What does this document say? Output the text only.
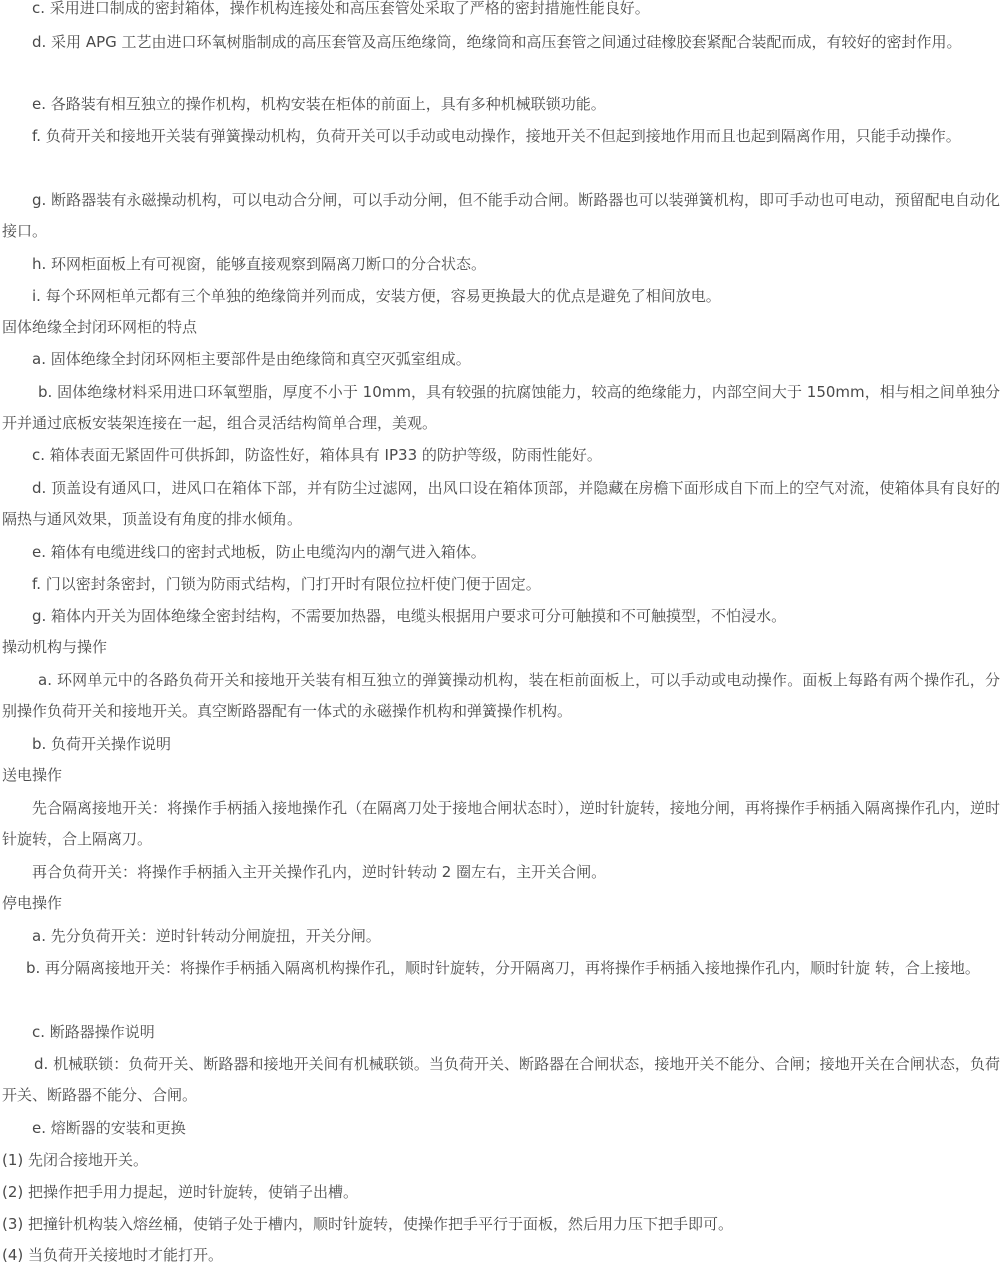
c. 采用进口制成的密封箱体，操作机构连接处和高压套管处采取了严格的密封措施性能良好。

d. 采用 APG 工艺由进口环氧树脂制成的高压套管及高压绝缘筒，绝缘筒和高压套管之间通过硅橡胶套紧配合装配而成，有较好的密封作用。

e. 各路装有相互独立的操作机构，机构安装在柜体的前面上，具有多种机械联锁功能。

f. 负荷开关和接地开关装有弹簧操动机构，负荷开关可以手动或电动操作，接地开关不但起到接地作用而且也起到隔离作用，只能手动操作。

g. 断路器装有永磁操动机构，可以电动合分闸，可以手动分闸，但不能手动合闸。断路器也可以装弹簧机构，即可手动也可电动，预留配电自动化接口。

h. 环网柜面板上有可视窗，能够直接观察到隔离刀断口的分合状态。

i. 每个环网柜单元都有三个单独的绝缘筒并列而成，安装方便，容易更换最大的优点是避免了相间放电。

固体绝缘全封闭环网柜的特点

a. 固体绝缘全封闭环网柜主要部件是由绝缘筒和真空灭弧室组成。

b. 固体绝缘材料采用进口环氧塑脂，厚度不小于 10mm，具有较强的抗腐蚀能力，较高的绝缘能力，内部空间大于 150mm，相与相之间单独分开并通过底板安装架连接在一起，组合灵活结构简单合理，美观。

c. 箱体表面无紧固件可供拆卸，防盗性好，箱体具有 IP33 的防护等级，防雨性能好。

d. 顶盖设有通风口，进风口在箱体下部，并有防尘过滤网，出风口设在箱体顶部，并隐藏在房檐下面形成自下而上的空气对流，使箱体具有良好的隔热与通风效果，顶盖设有角度的排水倾角。

e. 箱体有电缆进线口的密封式地板，防止电缆沟内的潮气进入箱体。

f. 门以密封条密封，门锁为防雨式结构，门打开时有限位拉杆使门便于固定。

g. 箱体内开关为固体绝缘全密封结构，不需要加热器，电缆头根据用户要求可分可触摸和不可触摸型，不怕浸水。

操动机构与操作

a. 环网单元中的各路负荷开关和接地开关装有相互独立的弹簧操动机构，装在柜前面板上，可以手动或电动操作。面板上每路有两个操作孔，分别操作负荷开关和接地开关。真空断路器配有一体式的永磁操作机构和弹簧操作机构。

b. 负荷开关操作说明

送电操作

先合隔离接地开关：将操作手柄插入接地操作孔（在隔离刀处于接地合闸状态时），逆时针旋转，接地分闸，再将操作手柄插入隔离操作孔内，逆时针旋转，合上隔离刀。

再合负荷开关：将操作手柄插入主开关操作孔内，逆时针转动 2 圈左右，主开关合闸。

停电操作

a. 先分负荷开关：逆时针转动分闸旋扭，开关分闸。

b. 再分隔离接地开关：将操作手柄插入隔离机构操作孔，顺时针旋转，分开隔离刀，再将操作手柄插入接地操作孔内，顺时针旋 转，合上接地。

c. 断路器操作说明

d. 机械联锁：负荷开关、断路器和接地开关间有机械联锁。当负荷开关、断路器在合闸状态，接地开关不能分、合闸；接地开关在合闸状态，负荷开关、断路器不能分、合闸。

e. 熔断器的安装和更换

(1) 先闭合接地开关。

(2) 把操作把手用力提起，逆时针旋转，使销子出槽。

(3) 把撞针机构装入熔丝桶，使销子处于槽内，顺时针旋转，使操作把手平行于面板，然后用力压下把手即可。

(4) 当负荷开关接地时才能打开。
